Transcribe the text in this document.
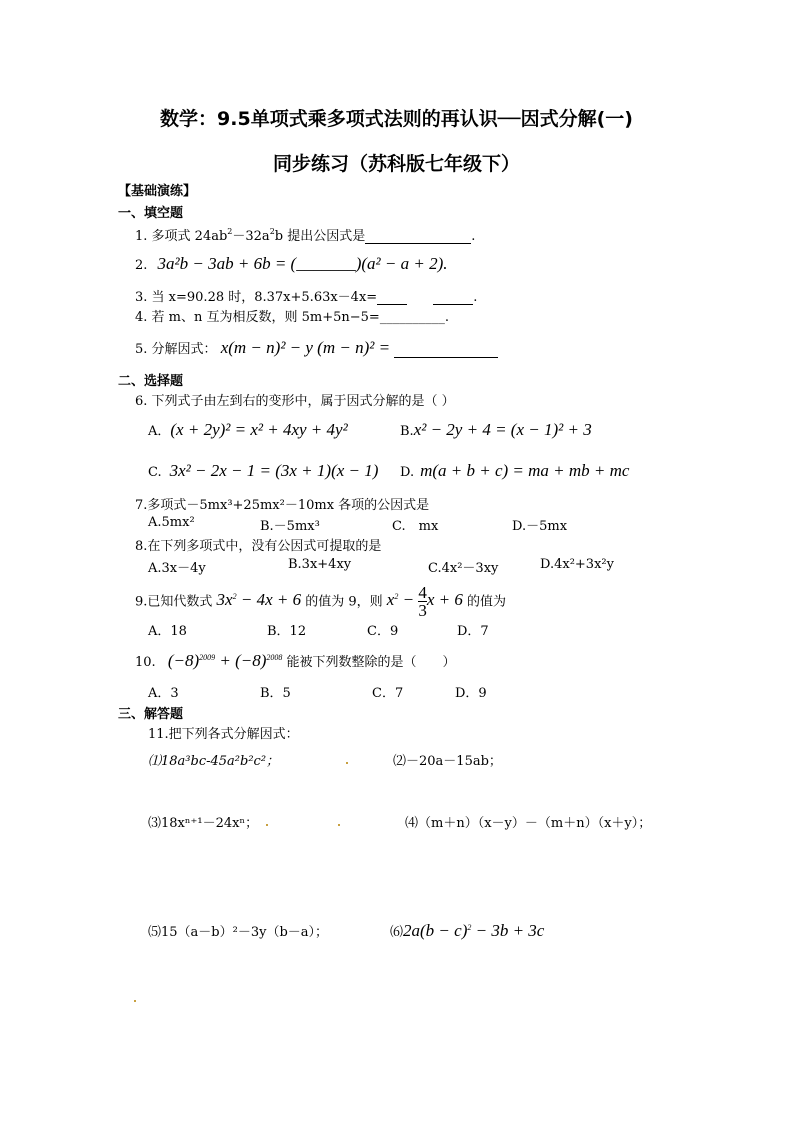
数学：9.5单项式乘多项式法则的再认识──因式分解(一)
同步练习（苏科版七年级下）
【基础演练】
一、填空题
1. 多项式 $24ab^2-32a^2b$ 提出公因式是	.
2. 3a²b − 3ab + 6b = (_______)(a² − a + 2).
3. 当 x=90.28 时，8.37x+5.63x－4x=	.
4. 若 m、n 互为相反数，则 5m+5n−5=__________.
5. 分解因式： x(m − n)² − y (m − n)² =
二、选择题
6. 下列式子由左到右的变形中，属于因式分解的是（ ）
A．(x + 2y)² = x² + 4xy + 4y²	B.x² − 2y + 4 = (x − 1)² + 3
C. 3x² − 2x − 1 = (3x + 1)(x − 1) D. m(a + b + c) = ma + mb + mc
7.多项式－5mx³+25mx²－10mx 各项的公因式是
A.5mx²	B.－5mx³	C.　mx	D.－5mx
8.在下列多项式中，没有公因式可提取的是
A.3x－4y	B.3x+4xy	C.4x²－3xy	D.4x²+3x²y
9.已知代数式 $3x^2 - 4x + 6$ 的值为 9，则 $x^2 - \frac{4}{3}$ x + 6 的值为
A．18	B．12	C．9	D．7
10. $(-8)^{2009} + (-8)^{2008}$ 能被下列数整除的是（　　）
A．3	B．5	C．7	D．9
三、解答题
11.把下列各式分解因式：
⑴18a³bc-45a²b²c²；	⑵－20a－15ab；
⑶18xⁿ⁺¹－24xⁿ；	⑷（m＋n）（x－y）－（m＋n）（x＋y）；
⑸15（a－b）²－3y（b－a）；	⑹2a(b − c)$^2$ − 3b + 3c
